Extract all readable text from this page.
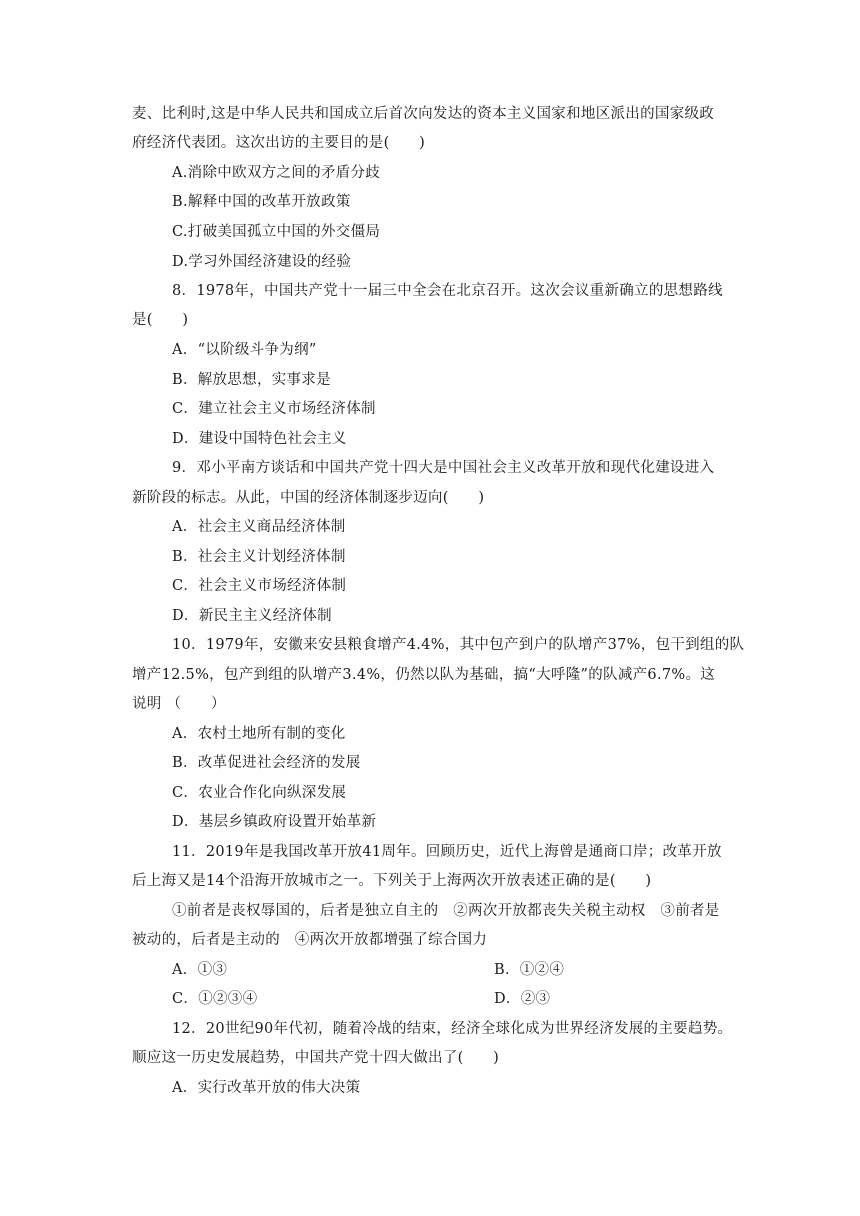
麦、比利时,这是中华人民共和国成立后首次向发达的资本主义国家和地区派出的国家级政
府经济代表团。这次出访的主要目的是(　　)
A.消除中欧双方之间的矛盾分歧
B.解释中国的改革开放政策
C.打破美国孤立中国的外交僵局
D.学习外国经济建设的经验
8．1978年，中国共产党十一届三中全会在北京召开。这次会议重新确立的思想路线
是(　　)
A．“以阶级斗争为纲”
B．解放思想，实事求是
C．建立社会主义市场经济体制
D．建设中国特色社会主义
9．邓小平南方谈话和中国共产党十四大是中国社会主义改革开放和现代化建设进入
新阶段的标志。从此，中国的经济体制逐步迈向(　　)
A．社会主义商品经济体制
B．社会主义计划经济体制
C．社会主义市场经济体制
D．新民主主义经济体制
10．1979年，安徽来安县粮食增产4.4%，其中包产到户的队增产37%，包干到组的队
增产12.5%，包产到组的队增产3.4%，仍然以队为基础，搞“大呼隆”的队减产6.7%。这
说明 （　　）
A．农村土地所有制的变化
B．改革促进社会经济的发展
C．农业合作化向纵深发展
D．基层乡镇政府设置开始革新
11．2019年是我国改革开放41周年。回顾历史，近代上海曾是通商口岸；改革开放
后上海又是14个沿海开放城市之一。下列关于上海两次开放表述正确的是(　　)
①前者是丧权辱国的，后者是独立自主的　②两次开放都丧失关税主动权　③前者是
被动的，后者是主动的　④两次开放都增强了综合国力
A．①③	B．①②④
C．①②③④	D．②③
12．20世纪90年代初，随着冷战的结束，经济全球化成为世界经济发展的主要趋势。
顺应这一历史发展趋势，中国共产党十四大做出了(　　)
A．实行改革开放的伟大决策
